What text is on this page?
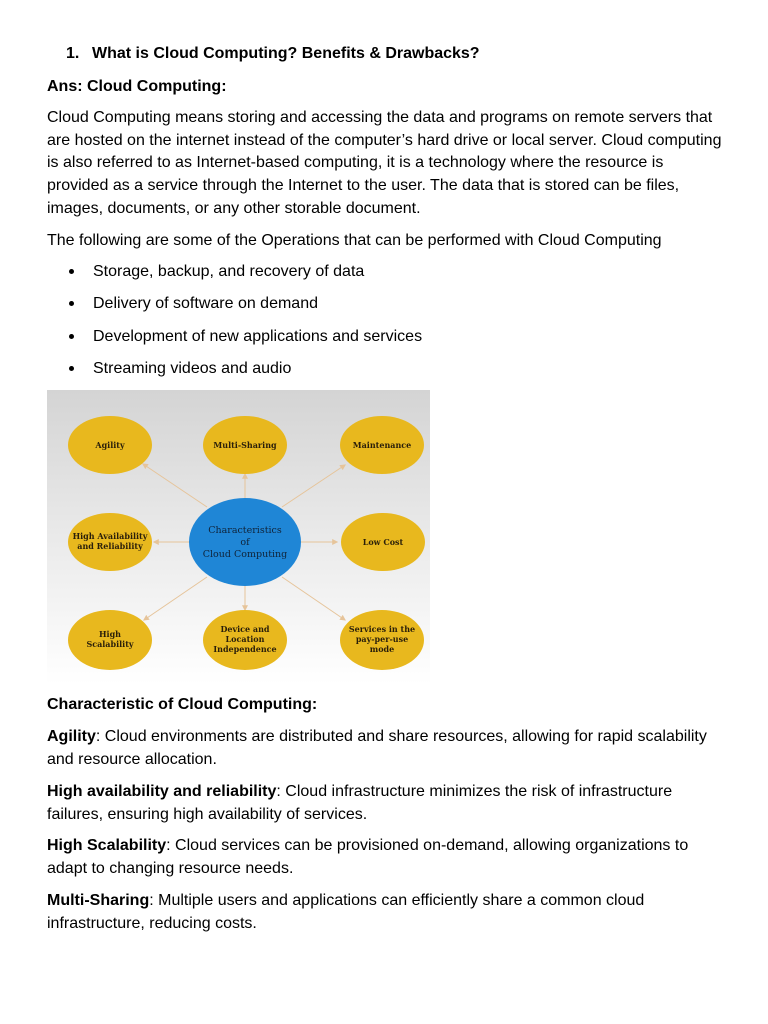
1. What is Cloud Computing? Benefits & Drawbacks?
Ans: Cloud Computing:

Cloud Computing means storing and accessing the data and programs on remote servers that are hosted on the internet instead of the computer’s hard drive or local server. Cloud computing is also referred to as Internet-based computing, it is a technology where the resource is provided as a service through the Internet to the user. The data that is stored can be files, images, documents, or any other storable document.

The following are some of the Operations that can be performed with Cloud Computing

Storage, backup, and recovery of data
Delivery of software on demand
Development of new applications and services
Streaming videos and audio
Agility	Multi-Sharing	Maintenance
High Availability and Reliability
Characteristics of Cloud Computing
Low Cost
High Scalability
Device and Location Independence
Services in the pay-per-use mode
Characteristic of Cloud Computing:

Agility: Cloud environments are distributed and share resources, allowing for rapid scalability and resource allocation.

High availability and reliability: Cloud infrastructure minimizes the risk of infrastructure failures, ensuring high availability of services.

High Scalability: Cloud services can be provisioned on-demand, allowing organizations to adapt to changing resource needs.

Multi-Sharing: Multiple users and applications can efficiently share a common cloud infrastructure, reducing costs.
